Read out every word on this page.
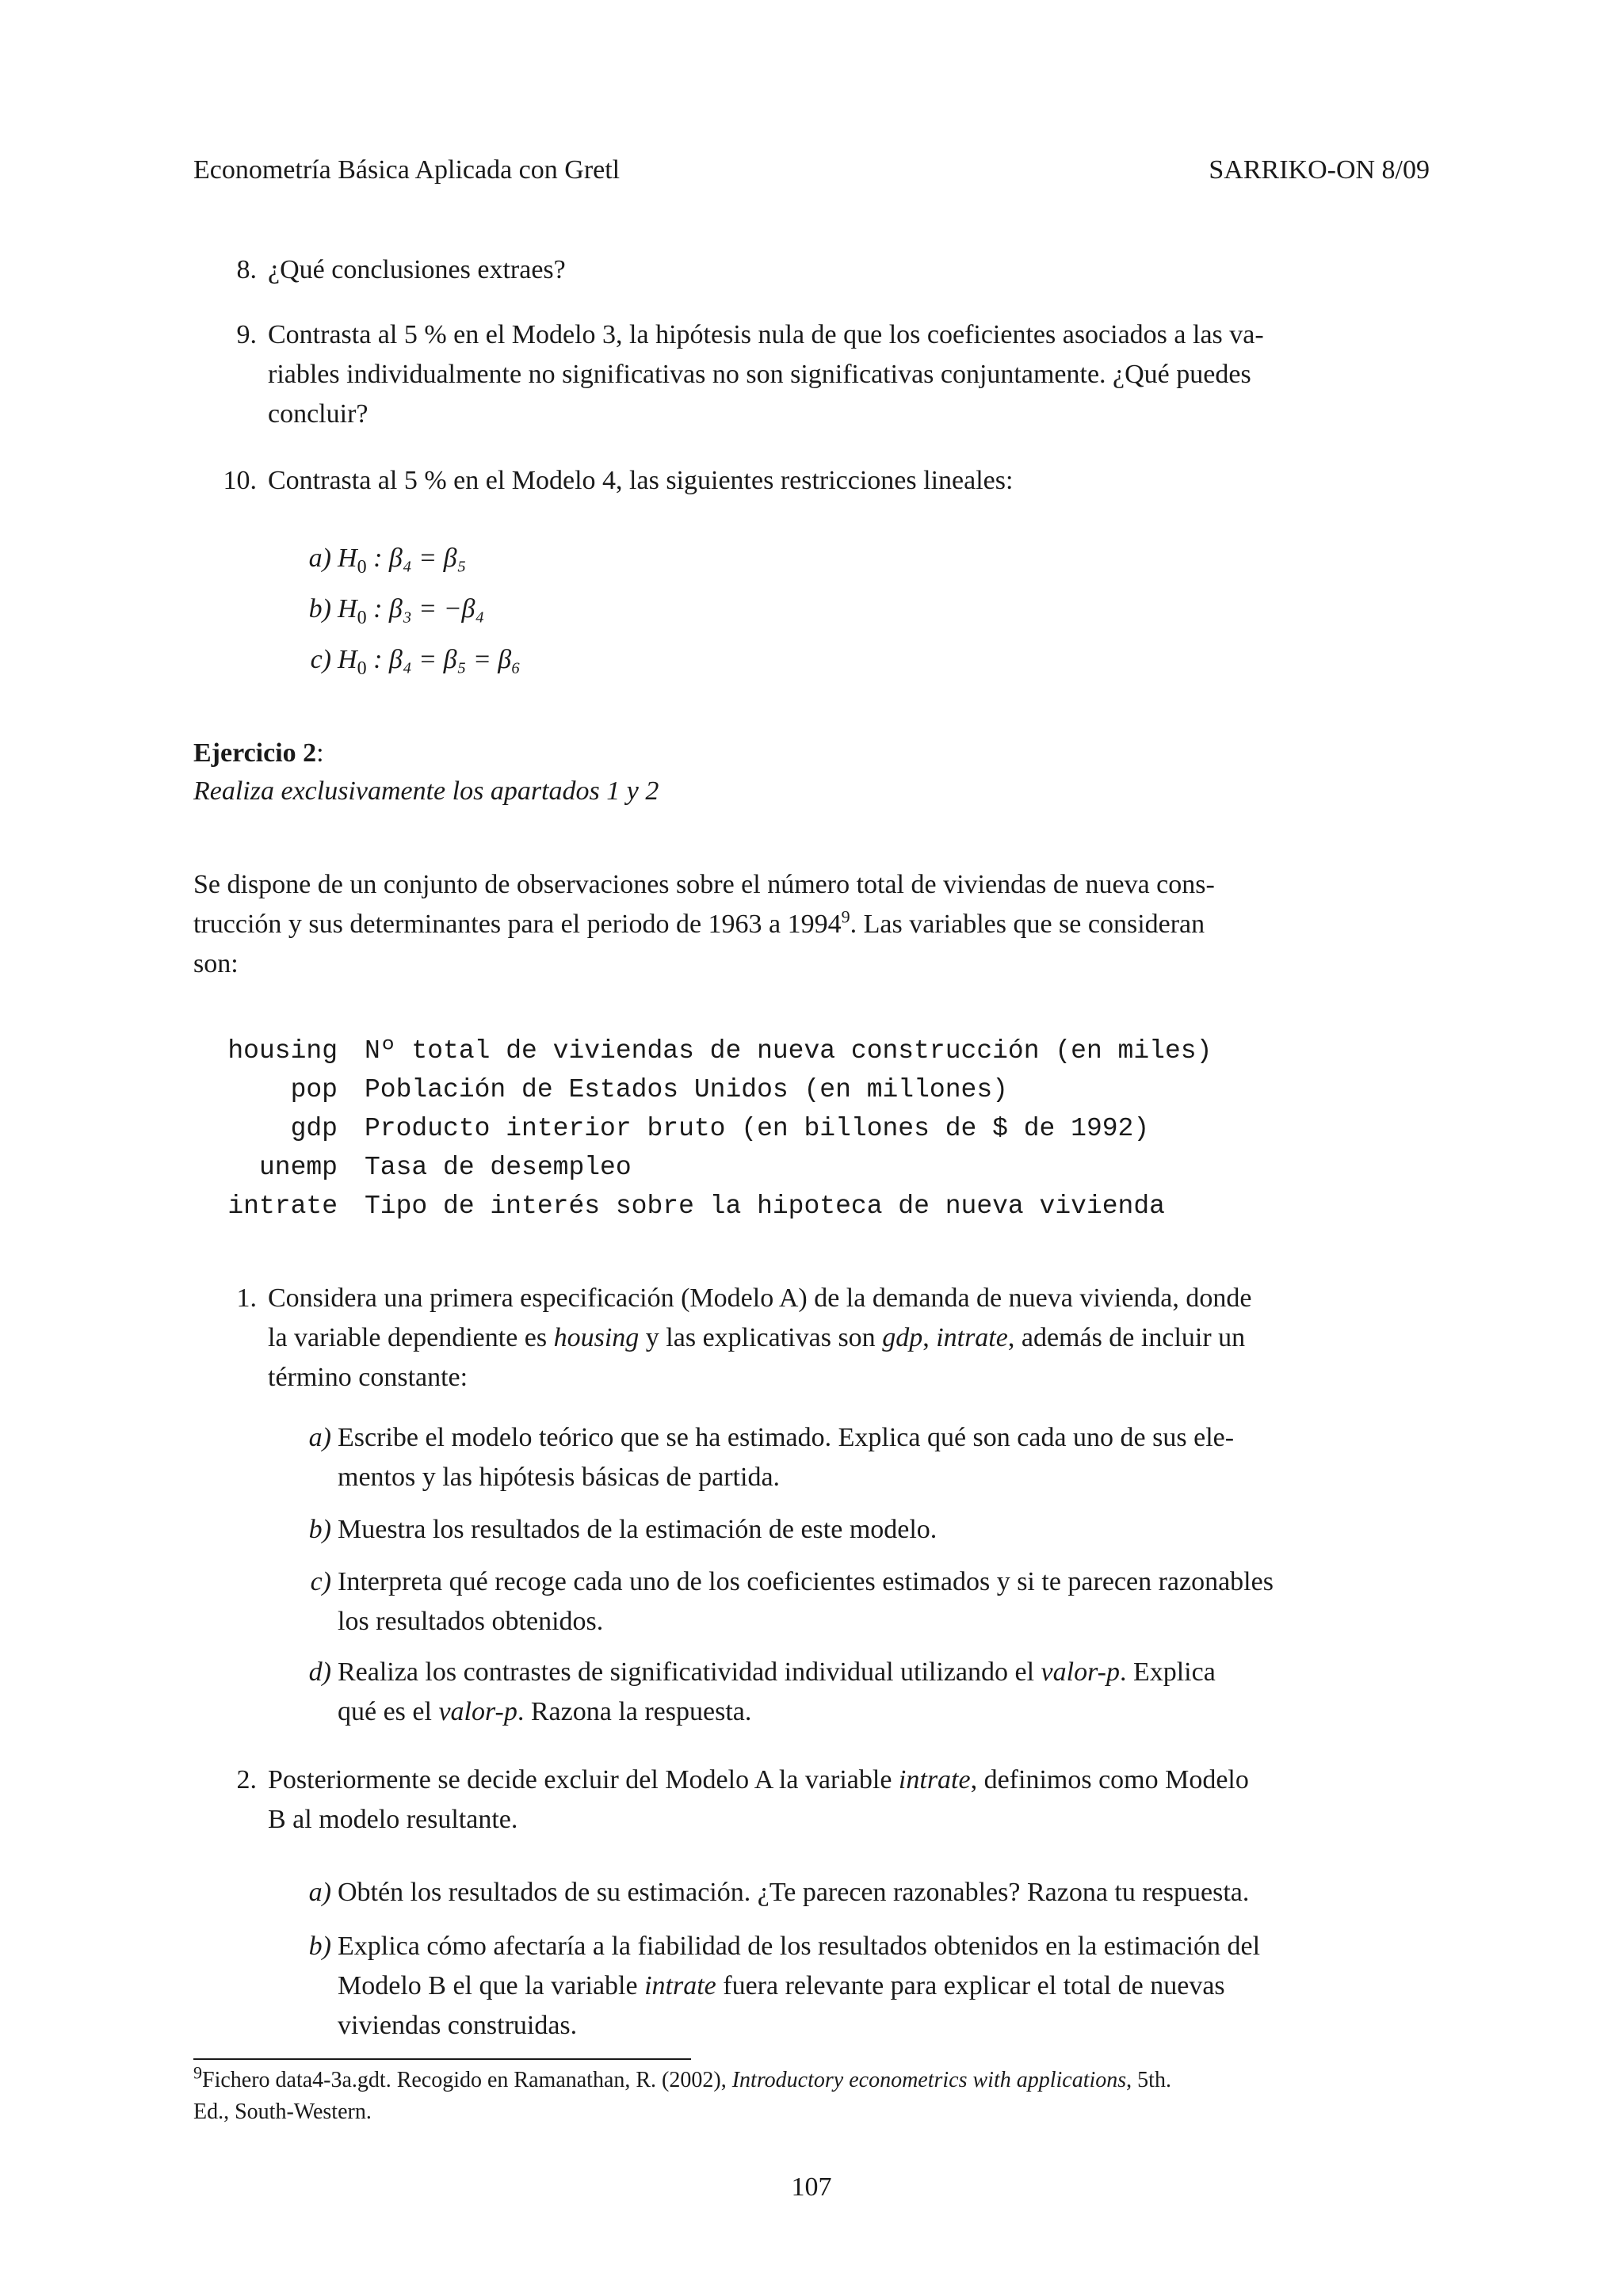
Econometría Básica Aplicada con Gretl	SARRIKO-ON 8/09
8. ¿Qué conclusiones extraes?
9. Contrasta al 5 % en el Modelo 3, la hipótesis nula de que los coeficientes asociados a las va-
riables individualmente no significativas no son significativas conjuntamente. ¿Qué puedes
concluir?
10. Contrasta al 5 % en el Modelo 4, las siguientes restricciones lineales:
a) $H_0$ : β₄ = β₅
b) $H_0$ : β₃ = −β₄
c) $H_0$ : β₄ = β₅ = β₆
Ejercicio 2:
Realiza exclusivamente los apartados 1 y 2
Se dispone de un conjunto de observaciones sobre el número total de viviendas de nueva cons-
trucción y sus determinantes para el periodo de 1963 a 1994$^9$. Las variables que se consideran
son:
housing Nº total de viviendas de nueva construcción (en miles)
pop Población de Estados Unidos (en millones)
gdp Producto interior bruto (en billones de $ de 1992)
unemp Tasa de desempleo
intrate Tipo de interés sobre la hipoteca de nueva vivienda
1. Considera una primera especificación (Modelo A) de la demanda de nueva vivienda, donde
la variable dependiente es housing y las explicativas son gdp, intrate, además de incluir un
término constante:
a) Escribe el modelo teórico que se ha estimado. Explica qué son cada uno de sus ele-
mentos y las hipótesis básicas de partida.
b) Muestra los resultados de la estimación de este modelo.
c) Interpreta qué recoge cada uno de los coeficientes estimados y si te parecen razonables
los resultados obtenidos.
d) Realiza los contrastes de significatividad individual utilizando el valor-p. Explica
qué es el valor-p. Razona la respuesta.
2. Posteriormente se decide excluir del Modelo A la variable intrate, definimos como Modelo
B al modelo resultante.
a) Obtén los resultados de su estimación. ¿Te parecen razonables? Razona tu respuesta.
b) Explica cómo afectaría a la fiabilidad de los resultados obtenidos en la estimación del
Modelo B el que la variable intrate fuera relevante para explicar el total de nuevas
viviendas construidas.
$^9$Fichero data4-3a.gdt. Recogido en Ramanathan, R. (2002), Introductory econometrics with applications, 5th.
Ed., South-Western.
107
